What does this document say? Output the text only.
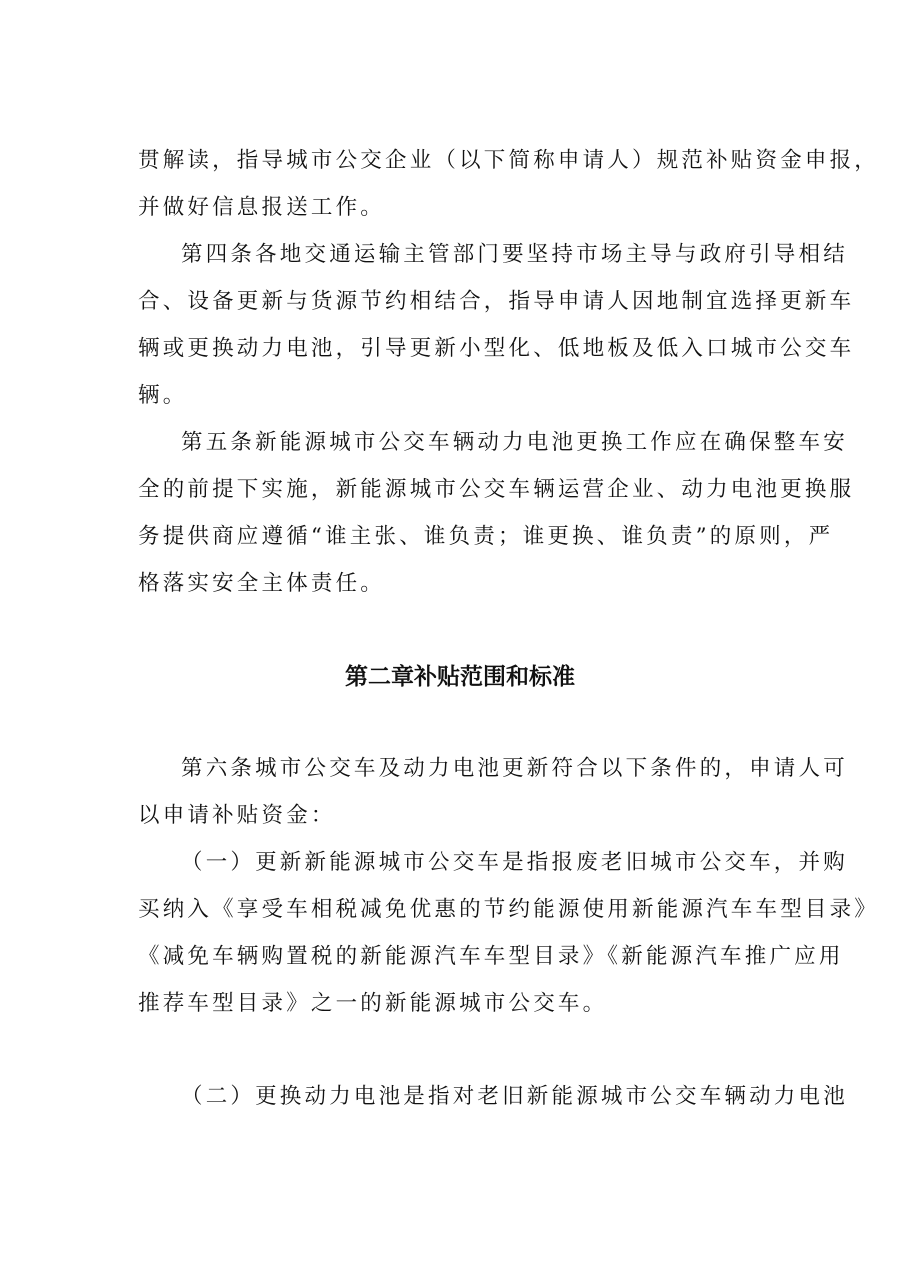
贯解读，指导城市公交企业（以下简称申请人）规范补贴资金申报，
并做好信息报送工作。
第四条各地交通运输主管部门要坚持市场主导与政府引导相结
合、设备更新与货源节约相结合，指导申请人因地制宜选择更新车
辆或更换动力电池，引导更新小型化、低地板及低入口城市公交车
辆。
第五条新能源城市公交车辆动力电池更换工作应在确保整车安
全的前提下实施，新能源城市公交车辆运营企业、动力电池更换服
务提供商应遵循“谁主张、谁负责；谁更换、谁负责”的原则，严
格落实安全主体责任。
第二章补贴范围和标准
第六条城市公交车及动力电池更新符合以下条件的，申请人可
以申请补贴资金：
（一）更新新能源城市公交车是指报废老旧城市公交车，并购
买纳入《享受车相税减免优惠的节约能源使用新能源汽车车型目录》
《减免车辆购置税的新能源汽车车型目录》《新能源汽车推广应用
推荐车型目录》之一的新能源城市公交车。
（二）更换动力电池是指对老旧新能源城市公交车辆动力电池
